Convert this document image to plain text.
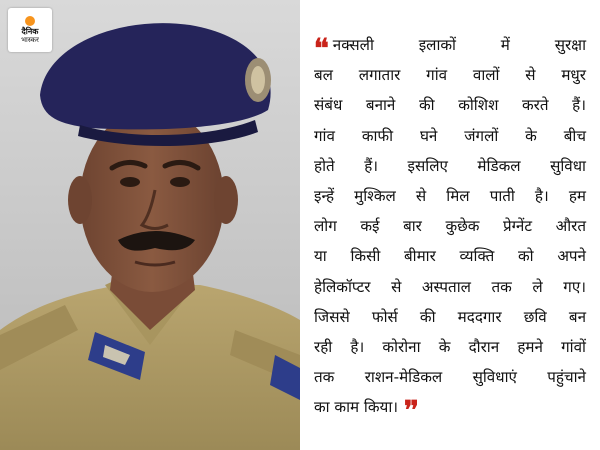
दैनिक
भास्कर	❛❛ नक्सली इलाकों में सुरक्षा
बल लगातार गांव वालों से मधुर
संबंध बनाने की कोशिश करते हैं।
गांव काफी घने जंगलों के बीच
होते हैं। इसलिए मेडिकल सुविधा
इन्हें मुश्किल से मिल पाती है। हम
लोग कई बार कुछेक प्रेग्नेंट औरत
या किसी बीमार व्यक्ति को अपने
हेलिकॉप्टर से अस्पताल तक ले गए।
जिससे फोर्स की मददगार छवि बन
रही है। कोरोना के दौरान हमने गांवों
तक राशन-मेडिकल सुविधाएं पहुंचाने
का काम किया। ❜❜
